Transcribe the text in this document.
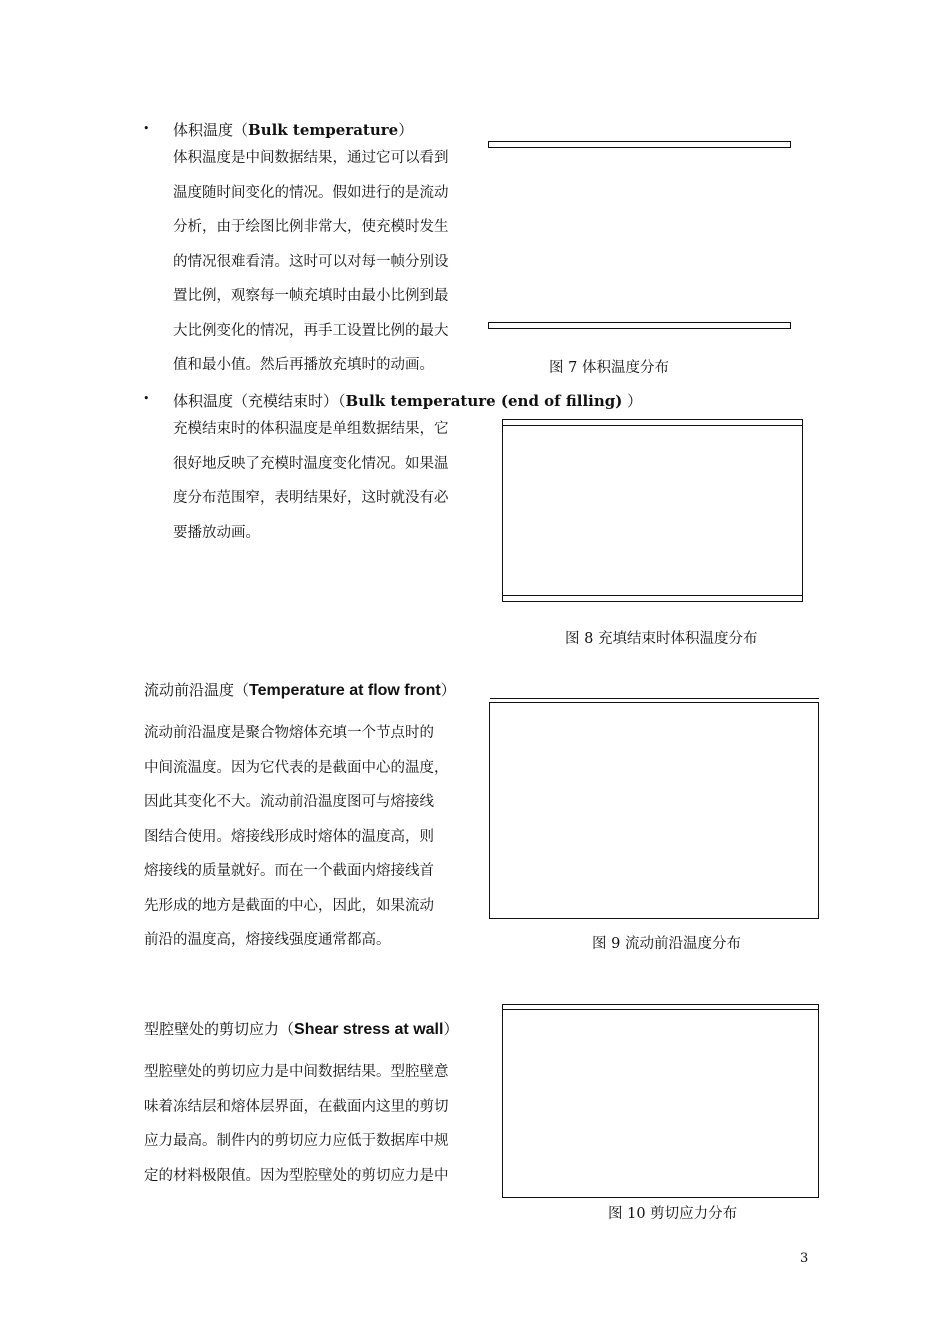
• 体积温度（Bulk temperature）
体积温度是中间数据结果，通过它可以看到
温度随时间变化的情况。假如进行的是流动
分析，由于绘图比例非常大，使充模时发生
的情况很难看清。这时可以对每一帧分别设
置比例，观察每一帧充填时由最小比例到最
大比例变化的情况，再手工设置比例的最大
值和最小值。然后再播放充填时的动画。	图 7 体积温度分布
• 体积温度（充模结束时）（Bulk temperature (end of filling) ）
充模结束时的体积温度是单组数据结果，它
很好地反映了充模时温度变化情况。如果温
度分布范围窄，表明结果好，这时就没有必
要播放动画。
图 8 充填结束时体积温度分布
流动前沿温度（Temperature at flow front）
流动前沿温度是聚合物熔体充填一个节点时的
中间流温度。因为它代表的是截面中心的温度，
因此其变化不大。流动前沿温度图可与熔接线
图结合使用。熔接线形成时熔体的温度高，则
熔接线的质量就好。而在一个截面内熔接线首
先形成的地方是截面的中心，因此，如果流动
前沿的温度高，熔接线强度通常都高。	图 9 流动前沿温度分布
型腔壁处的剪切应力（Shear stress at wall）
型腔壁处的剪切应力是中间数据结果。型腔壁意
味着冻结层和熔体层界面，在截面内这里的剪切
应力最高。制件内的剪切应力应低于数据库中规
定的材料极限值。因为型腔壁处的剪切应力是中
图 10 剪切应力分布
3
